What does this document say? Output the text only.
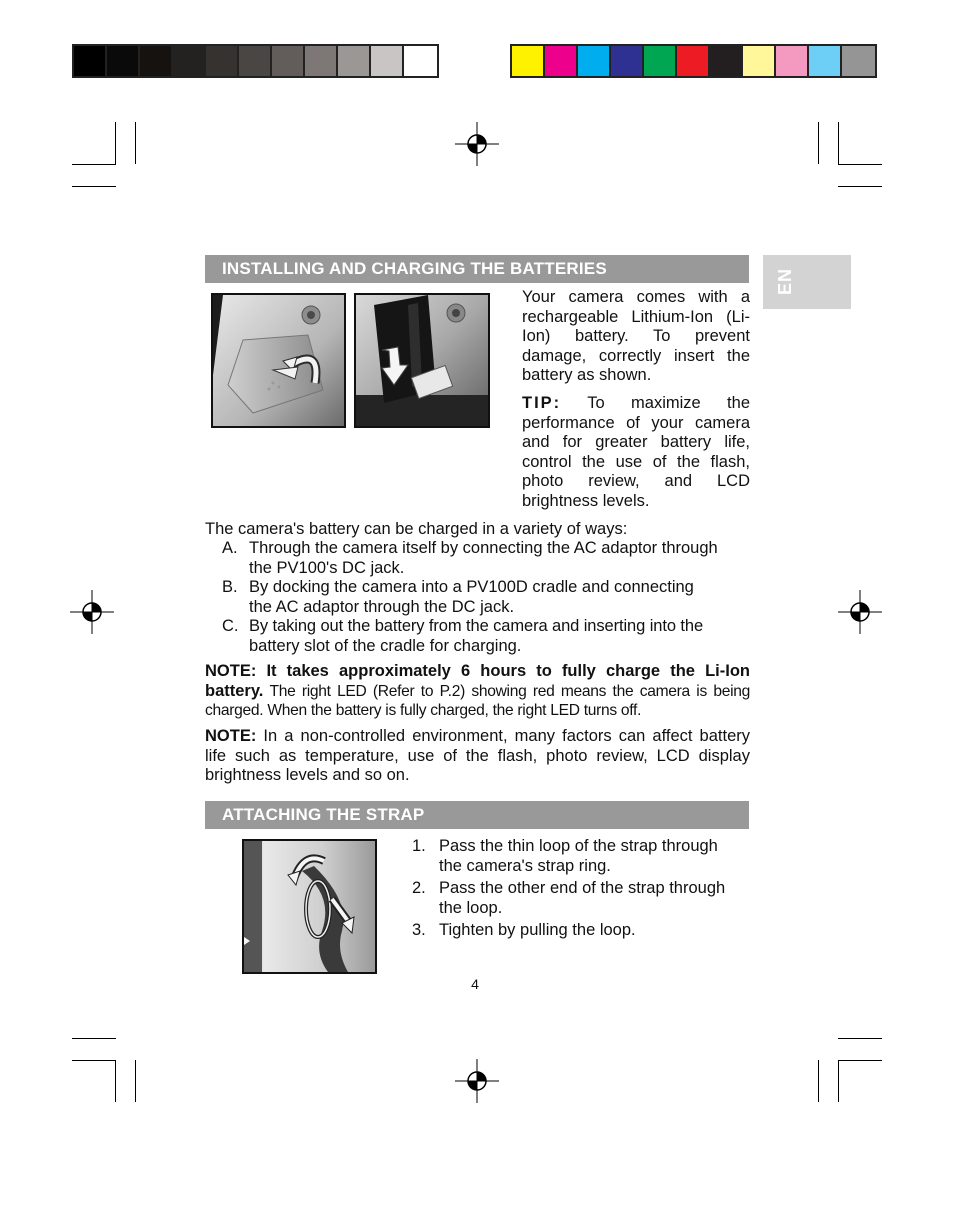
EN
INSTALLING AND CHARGING THE BATTERIES
Your camera comes with a rechargeable Lithium-Ion (Li-Ion) battery. To prevent damage, correctly insert the battery as shown.
TIP: To maximize the performance of your camera and for greater battery life, control the use of the flash, photo review, and LCD brightness levels.
The camera's battery can be charged in a variety of ways:
A. Through the camera itself by connecting the AC adaptor through
the PV100's DC jack.
B. By docking the camera into a PV100D cradle and connecting
the AC adaptor through the DC jack.
C. By taking out the battery from the camera and inserting into the
battery slot of the cradle for charging.
NOTE: It takes approximately 6 hours to fully charge the Li-Ion battery. The right LED (Refer to P.2) showing red means the camera is being charged. When the battery is fully charged, the right LED turns off.
NOTE: In a non-controlled environment, many factors can affect battery life such as temperature, use of the flash, photo review, LCD display brightness levels and so on.
ATTACHING THE STRAP
1. Pass the thin loop of the strap through
the camera's strap ring.
2. Pass the other end of the strap through
the loop.
3. Tighten by pulling the loop.
4
